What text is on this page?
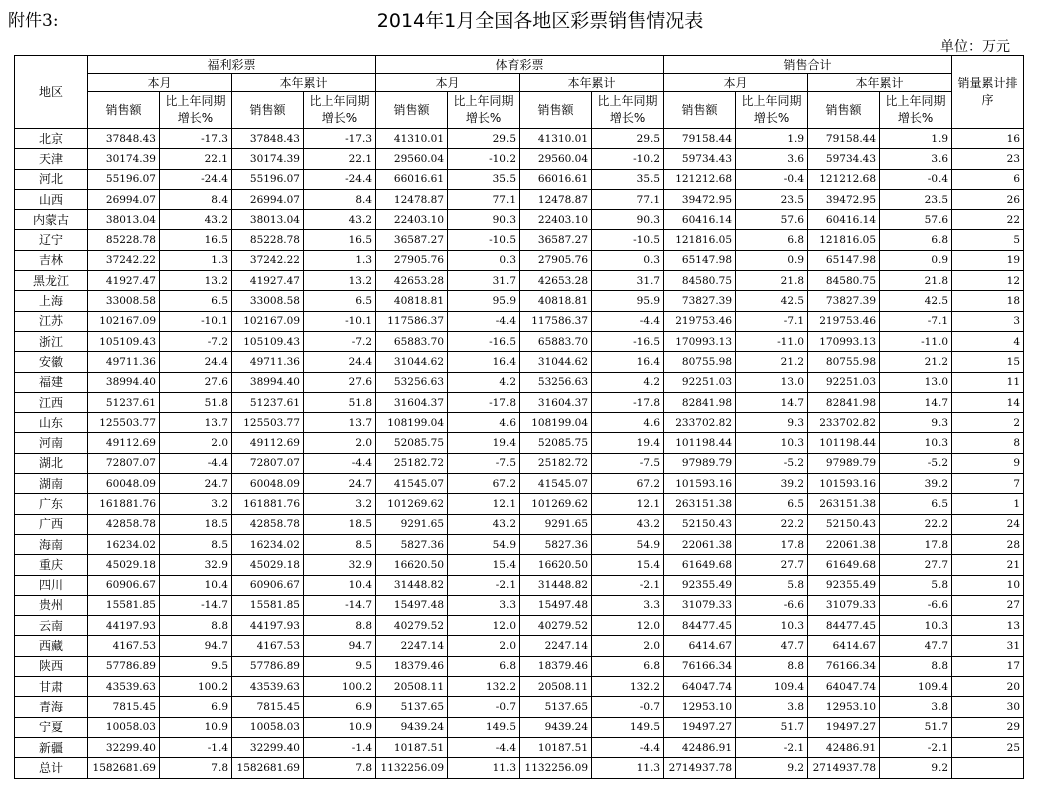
附件3:	2014年1月全国各地区彩票销售情况表
单位：万元
地区	福利彩票				体育彩票				销售合计				销量累计排序
	本月		本年累计		本月		本年累计		本月		本年累计		
	销售额	比上年同期增长%	销售额	比上年同期增长%	销售额	比上年同期增长%	销售额	比上年同期增长%	销售额	比上年同期增长%	销售额	比上年同期增长%	
北京	37848.43	-17.3	37848.43	-17.3	41310.01	29.5	41310.01	29.5	79158.44	1.9	79158.44	1.9	16
天津	30174.39	22.1	30174.39	22.1	29560.04	-10.2	29560.04	-10.2	59734.43	3.6	59734.43	3.6	23
河北	55196.07	-24.4	55196.07	-24.4	66016.61	35.5	66016.61	35.5	121212.68	-0.4	121212.68	-0.4	6
山西	26994.07	8.4	26994.07	8.4	12478.87	77.1	12478.87	77.1	39472.95	23.5	39472.95	23.5	26
内蒙古	38013.04	43.2	38013.04	43.2	22403.10	90.3	22403.10	90.3	60416.14	57.6	60416.14	57.6	22
辽宁	85228.78	16.5	85228.78	16.5	36587.27	-10.5	36587.27	-10.5	121816.05	6.8	121816.05	6.8	5
吉林	37242.22	1.3	37242.22	1.3	27905.76	0.3	27905.76	0.3	65147.98	0.9	65147.98	0.9	19
黑龙江	41927.47	13.2	41927.47	13.2	42653.28	31.7	42653.28	31.7	84580.75	21.8	84580.75	21.8	12
上海	33008.58	6.5	33008.58	6.5	40818.81	95.9	40818.81	95.9	73827.39	42.5	73827.39	42.5	18
江苏	102167.09	-10.1	102167.09	-10.1	117586.37	-4.4	117586.37	-4.4	219753.46	-7.1	219753.46	-7.1	3
浙江	105109.43	-7.2	105109.43	-7.2	65883.70	-16.5	65883.70	-16.5	170993.13	-11.0	170993.13	-11.0	4
安徽	49711.36	24.4	49711.36	24.4	31044.62	16.4	31044.62	16.4	80755.98	21.2	80755.98	21.2	15
福建	38994.40	27.6	38994.40	27.6	53256.63	4.2	53256.63	4.2	92251.03	13.0	92251.03	13.0	11
江西	51237.61	51.8	51237.61	51.8	31604.37	-17.8	31604.37	-17.8	82841.98	14.7	82841.98	14.7	14
山东	125503.77	13.7	125503.77	13.7	108199.04	4.6	108199.04	4.6	233702.82	9.3	233702.82	9.3	2
河南	49112.69	2.0	49112.69	2.0	52085.75	19.4	52085.75	19.4	101198.44	10.3	101198.44	10.3	8
湖北	72807.07	-4.4	72807.07	-4.4	25182.72	-7.5	25182.72	-7.5	97989.79	-5.2	97989.79	-5.2	9
湖南	60048.09	24.7	60048.09	24.7	41545.07	67.2	41545.07	67.2	101593.16	39.2	101593.16	39.2	7
广东	161881.76	3.2	161881.76	3.2	101269.62	12.1	101269.62	12.1	263151.38	6.5	263151.38	6.5	1
广西	42858.78	18.5	42858.78	18.5	9291.65	43.2	9291.65	43.2	52150.43	22.2	52150.43	22.2	24
海南	16234.02	8.5	16234.02	8.5	5827.36	54.9	5827.36	54.9	22061.38	17.8	22061.38	17.8	28
重庆	45029.18	32.9	45029.18	32.9	16620.50	15.4	16620.50	15.4	61649.68	27.7	61649.68	27.7	21
四川	60906.67	10.4	60906.67	10.4	31448.82	-2.1	31448.82	-2.1	92355.49	5.8	92355.49	5.8	10
贵州	15581.85	-14.7	15581.85	-14.7	15497.48	3.3	15497.48	3.3	31079.33	-6.6	31079.33	-6.6	27
云南	44197.93	8.8	44197.93	8.8	40279.52	12.0	40279.52	12.0	84477.45	10.3	84477.45	10.3	13
西藏	4167.53	94.7	4167.53	94.7	2247.14	2.0	2247.14	2.0	6414.67	47.7	6414.67	47.7	31
陕西	57786.89	9.5	57786.89	9.5	18379.46	6.8	18379.46	6.8	76166.34	8.8	76166.34	8.8	17
甘肃	43539.63	100.2	43539.63	100.2	20508.11	132.2	20508.11	132.2	64047.74	109.4	64047.74	109.4	20
青海	7815.45	6.9	7815.45	6.9	5137.65	-0.7	5137.65	-0.7	12953.10	3.8	12953.10	3.8	30
宁夏	10058.03	10.9	10058.03	10.9	9439.24	149.5	9439.24	149.5	19497.27	51.7	19497.27	51.7	29
新疆	32299.40	-1.4	32299.40	-1.4	10187.51	-4.4	10187.51	-4.4	42486.91	-2.1	42486.91	-2.1	25
总计	1582681.69	7.8	1582681.69	7.8	1132256.09	11.3	1132256.09	11.3	2714937.78	9.2	2714937.78	9.2	
